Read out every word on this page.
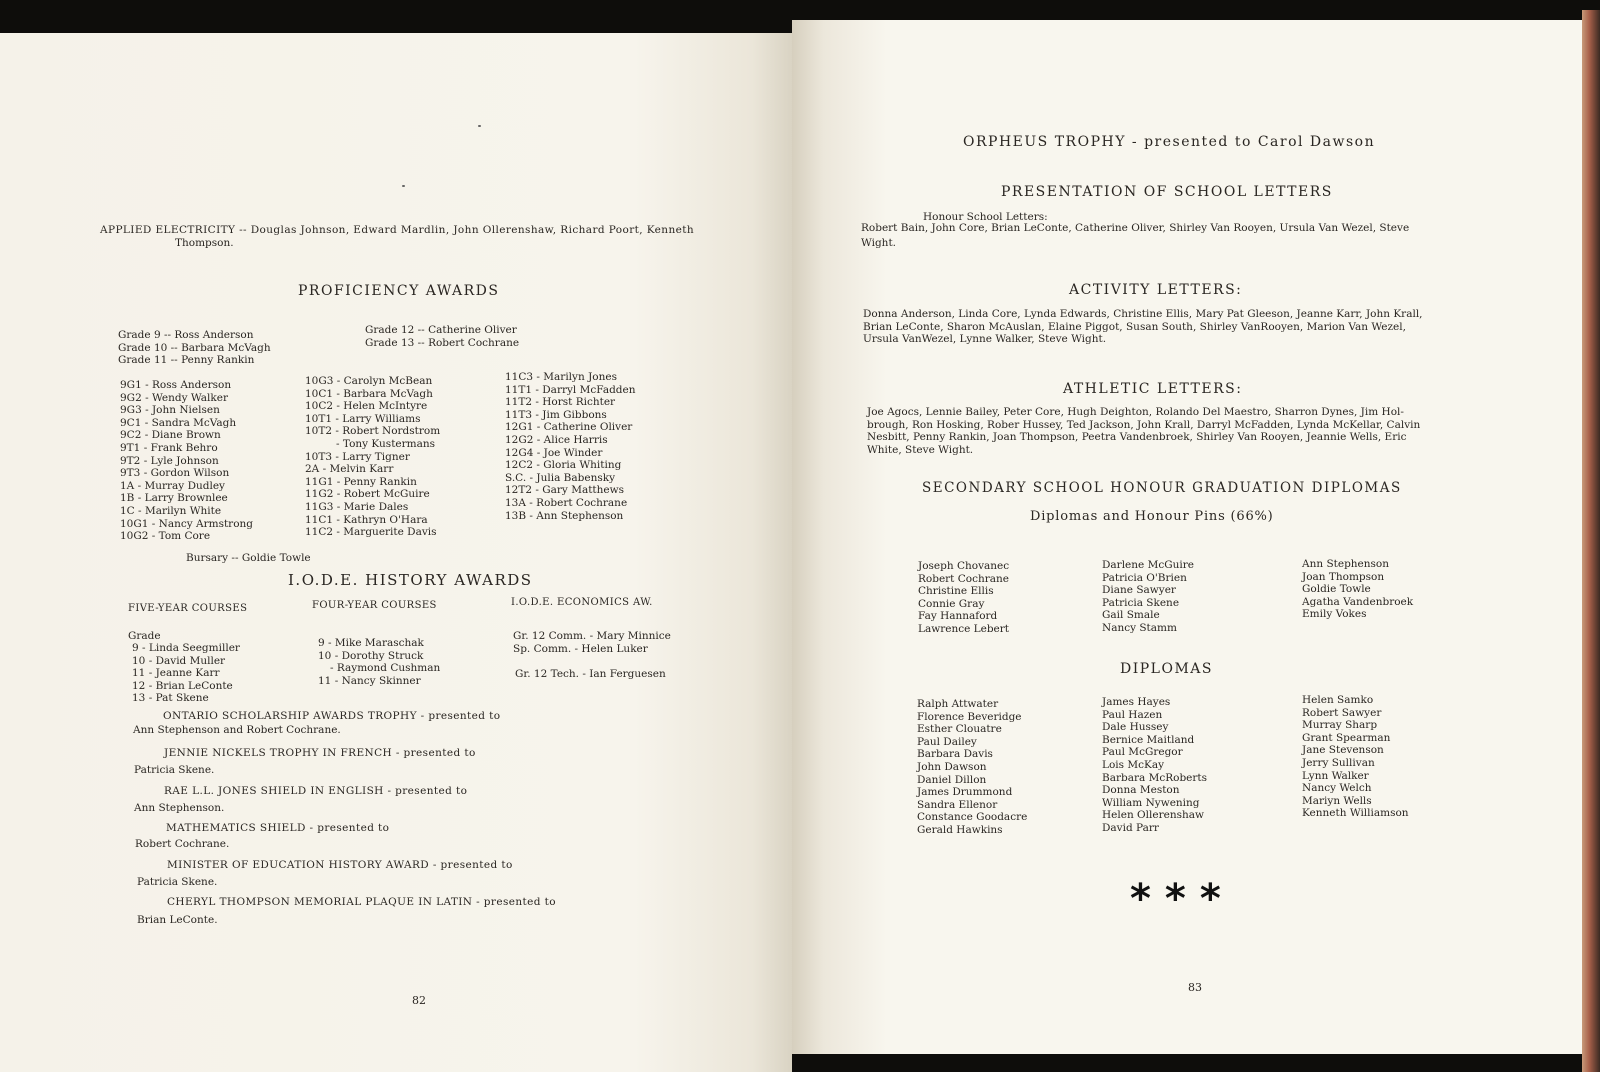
APPLIED ELECTRICITY -- Douglas Johnson, Edward Mardlin, John Ollerenshaw, Richard Poort, Kenneth
Thompson.
PROFICIENCY AWARDS
Grade 9 -- Ross Anderson
Grade 10 -- Barbara McVagh
Grade 11 -- Penny Rankin
Grade 12 -- Catherine Oliver
Grade 13 -- Robert Cochrane
9G1 - Ross Anderson
9G2 - Wendy Walker
9G3 - John Nielsen
9C1 - Sandra McVagh
9C2 - Diane Brown
9T1 - Frank Behro
9T2 - Lyle Johnson
9T3 - Gordon Wilson
1A - Murray Dudley
1B - Larry Brownlee
1C - Marilyn White
10G1 - Nancy Armstrong
10G2 - Tom Core
10G3 - Carolyn McBean
10C1 - Barbara McVagh
10C2 - Helen McIntyre
10T1 - Larry Williams
10T2 - Robert Nordstrom
- Tony Kustermans
10T3 - Larry Tigner
2A - Melvin Karr
11G1 - Penny Rankin
11G2 - Robert McGuire
11G3 - Marie Dales
11C1 - Kathryn O'Hara
11C2 - Marguerite Davis
11C3 - Marilyn Jones
11T1 - Darryl McFadden
11T2 - Horst Richter
11T3 - Jim Gibbons
12G1 - Catherine Oliver
12G2 - Alice Harris
12G4 - Joe Winder
12C2 - Gloria Whiting
S.C. - Julia Babensky
12T2 - Gary Matthews
13A - Robert Cochrane
13B - Ann Stephenson
Bursary -- Goldie Towle
I.O.D.E. HISTORY AWARDS
FIVE-YEAR COURSES	FOUR-YEAR COURSES	I.O.D.E. ECONOMICS AW.
Grade
9 - Linda Seegmiller
10 - David Muller
11 - Jeanne Karr
12 - Brian LeConte
13 - Pat Skene
9 - Mike Maraschak
10 - Dorothy Struck
- Raymond Cushman
11 - Nancy Skinner
Gr. 12 Comm. - Mary Minnice
Sp. Comm. - Helen Luker
Gr. 12 Tech. - Ian Ferguesen
ONTARIO SCHOLARSHIP AWARDS TROPHY - presented to
Ann Stephenson and Robert Cochrane.
JENNIE NICKELS TROPHY IN FRENCH - presented to
Patricia Skene.
RAE L.L. JONES SHIELD IN ENGLISH - presented to
Ann Stephenson.
MATHEMATICS SHIELD - presented to
Robert Cochrane.
MINISTER OF EDUCATION HISTORY AWARD - presented to
Patricia Skene.
CHERYL THOMPSON MEMORIAL PLAQUE IN LATIN - presented to
Brian LeConte.
82
ORPHEUS TROPHY - presented to Carol Dawson
PRESENTATION OF SCHOOL LETTERS
Honour School Letters:
Robert Bain, John Core, Brian LeConte, Catherine Oliver, Shirley Van Rooyen, Ursula Van Wezel, Steve
Wight.
ACTIVITY LETTERS:
Donna Anderson, Linda Core, Lynda Edwards, Christine Ellis, Mary Pat Gleeson, Jeanne Karr, John Krall,
Brian LeConte, Sharon McAuslan, Elaine Piggot, Susan South, Shirley VanRooyen, Marion Van Wezel,
Ursula VanWezel, Lynne Walker, Steve Wight.
ATHLETIC LETTERS:
Joe Agocs, Lennie Bailey, Peter Core, Hugh Deighton, Rolando Del Maestro, Sharron Dynes, Jim Hol-
brough, Ron Hosking, Rober Hussey, Ted Jackson, John Krall, Darryl McFadden, Lynda McKellar, Calvin
Nesbitt, Penny Rankin, Joan Thompson, Peetra Vandenbroek, Shirley Van Rooyen, Jeannie Wells, Eric
White, Steve Wight.
SECONDARY SCHOOL HONOUR GRADUATION DIPLOMAS
Diplomas and Honour Pins (66%)
Joseph Chovanec
Robert Cochrane
Christine Ellis
Connie Gray
Fay Hannaford
Lawrence Lebert
Darlene McGuire
Patricia O'Brien
Diane Sawyer
Patricia Skene
Gail Smale
Nancy Stamm
Ann Stephenson
Joan Thompson
Goldie Towle
Agatha Vandenbroek
Emily Vokes
DIPLOMAS
Ralph Attwater
Florence Beveridge
Esther Clouatre
Paul Dailey
Barbara Davis
John Dawson
Daniel Dillon
James Drummond
Sandra Ellenor
Constance Goodacre
Gerald Hawkins
James Hayes
Paul Hazen
Dale Hussey
Bernice Maitland
Paul McGregor
Lois McKay
Barbara McRoberts
Donna Meston
William Nywening
Helen Ollerenshaw
David Parr
Helen Samko
Robert Sawyer
Murray Sharp
Grant Spearman
Jane Stevenson
Jerry Sullivan
Lynn Walker
Nancy Welch
Mariyn Wells
Kenneth Williamson
***
83
